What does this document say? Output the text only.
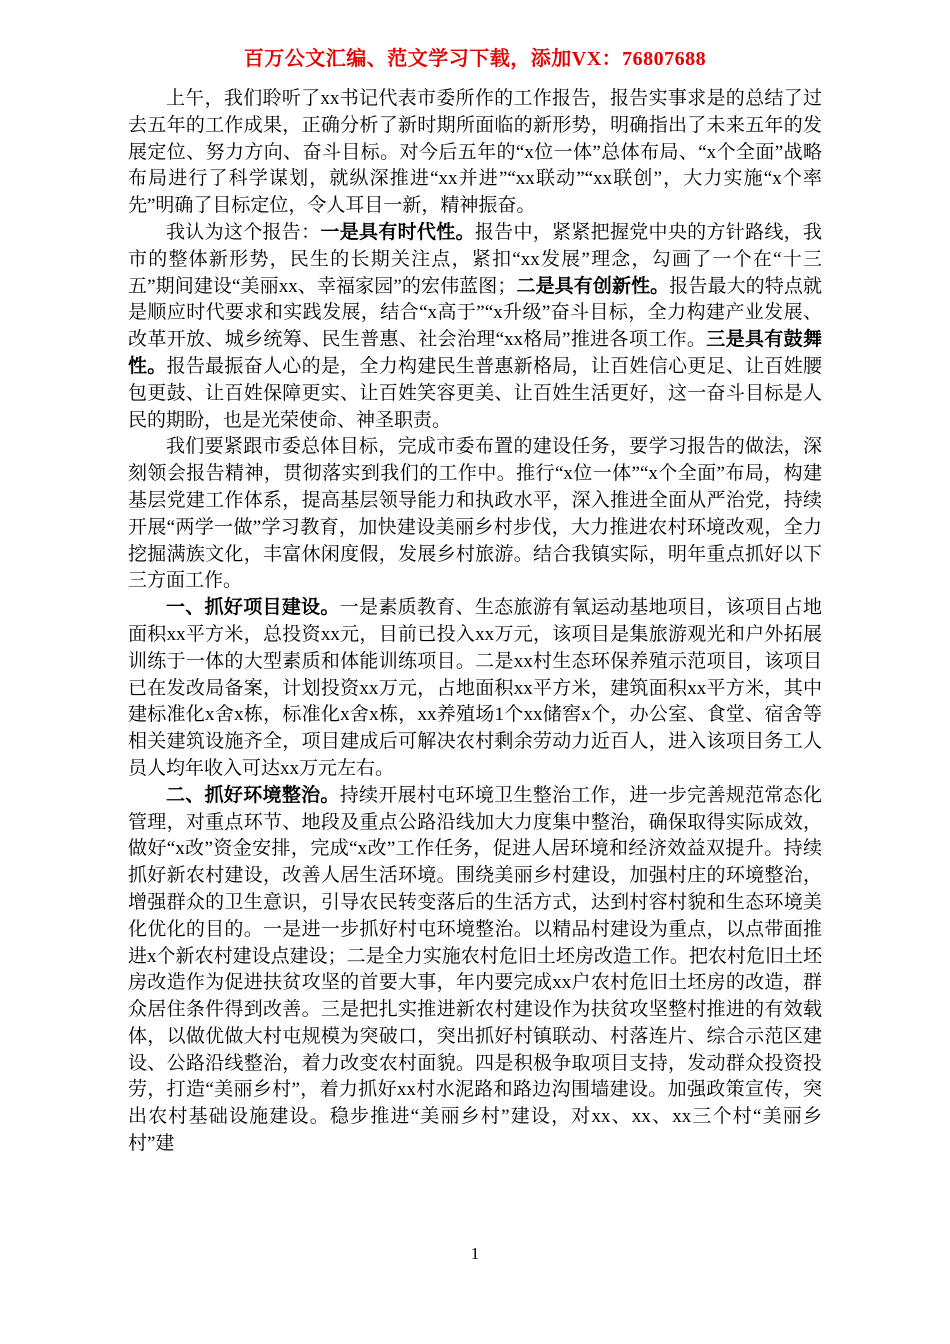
百万公文汇编、范文学习下载，添加VX：76807688

上午，我们聆听了xx书记代表市委所作的工作报告，报告实事求是的总结了过去五年的工作成果，正确分析了新时期所面临的新形势，明确指出了未来五年的发展定位、努力方向、奋斗目标。对今后五年的“x位一体”总体布局、“x个全面”战略布局进行了科学谋划，就纵深推进“xx并进”“xx联动”“xx联创”，大力实施“x个率先”明确了目标定位，令人耳目一新，精神振奋。

我认为这个报告：一是具有时代性。报告中，紧紧把握党中央的方针路线，我市的整体新形势，民生的长期关注点，紧扣“xx发展”理念，勾画了一个在“十三五”期间建设“美丽xx、幸福家园”的宏伟蓝图；二是具有创新性。报告最大的特点就是顺应时代要求和实践发展，结合“x高于”“x升级”奋斗目标，全力构建产业发展、改革开放、城乡统筹、民生普惠、社会治理“xx格局”推进各项工作。三是具有鼓舞性。报告最振奋人心的是，全力构建民生普惠新格局，让百姓信心更足、让百姓腰包更鼓、让百姓保障更实、让百姓笑容更美、让百姓生活更好，这一奋斗目标是人民的期盼，也是光荣使命、神圣职责。

我们要紧跟市委总体目标，完成市委布置的建设任务，要学习报告的做法，深刻领会报告精神，贯彻落实到我们的工作中。推行“x位一体”“x个全面”布局，构建基层党建工作体系，提高基层领导能力和执政水平，深入推进全面从严治党，持续开展“两学一做”学习教育，加快建设美丽乡村步伐，大力推进农村环境改观，全力挖掘满族文化，丰富休闲度假，发展乡村旅游。结合我镇实际，明年重点抓好以下三方面工作。

一、抓好项目建设。一是素质教育、生态旅游有氧运动基地项目，该项目占地面积xx平方米，总投资xx元，目前已投入xx万元，该项目是集旅游观光和户外拓展训练于一体的大型素质和体能训练项目。二是xx村生态环保养殖示范项目，该项目已在发改局备案，计划投资xx万元，占地面积xx平方米，建筑面积xx平方米，其中建标准化x舍x栋，标准化x舍x栋，xx养殖场1个xx储窖x个，办公室、食堂、宿舍等相关建筑设施齐全，项目建成后可解决农村剩余劳动力近百人，进入该项目务工人员人均年收入可达xx万元左右。

二、抓好环境整治。持续开展村屯环境卫生整治工作，进一步完善规范常态化管理，对重点环节、地段及重点公路沿线加大力度集中整治，确保取得实际成效，做好“x改”资金安排，完成“x改”工作任务，促进人居环境和经济效益双提升。持续抓好新农村建设，改善人居生活环境。围绕美丽乡村建设，加强村庄的环境整治，增强群众的卫生意识，引导农民转变落后的生活方式，达到村容村貌和生态环境美化优化的目的。一是进一步抓好村屯环境整治。以精品村建设为重点，以点带面推进x个新农村建设点建设；二是全力实施农村危旧土坯房改造工作。把农村危旧土坯房改造作为促进扶贫攻坚的首要大事，年内要完成xx户农村危旧土坯房的改造，群众居住条件得到改善。三是把扎实推进新农村建设作为扶贫攻坚整村推进的有效载体，以做优做大村屯规模为突破口，突出抓好村镇联动、村落连片、综合示范区建设、公路沿线整治，着力改变农村面貌。四是积极争取项目支持，发动群众投资投劳，打造“美丽乡村”，着力抓好xx村水泥路和路边沟围墙建设。加强政策宣传，突出农村基础设施建设。稳步推进“美丽乡村”建设，对xx、xx、xx三个村“美丽乡村”建

1
